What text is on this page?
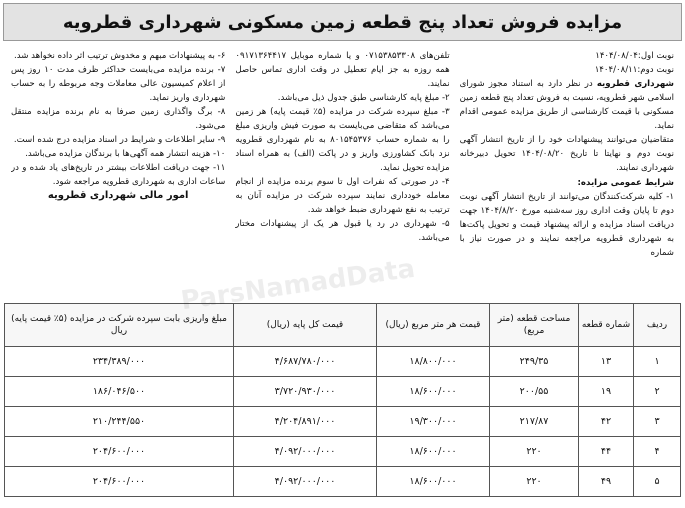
مزایده فروش تعداد پنج قطعه زمین مسکونی شهرداری قطرویه

نوبت اول:۱۴۰۴/۰۸/۰۴

نوبت دوم:۱۴۰۴/۰۸/۱۱

شهرداری قطرویه در نظر دارد به استناد مجوز شورای اسلامی شهر قطرویه، نسبت به فروش تعداد پنج قطعه زمین مسکونی با قیمت کارشناسی از طریق مزایده عمومی اقدام نماید.

متقاضیان می‌توانند پیشنهادات خود را از تاریخ انتشار آگهی نوبت دوم و نهایتا تا تاریخ ۱۴۰۴/۰۸/۲۰ تحویل دبیرخانه شهرداری نمایند.

شرایط عمومی مزایده:

۱- کلیه شرکت‌کنندگان می‌توانند از تاریخ انتشار آگهی نوبت دوم تا پایان وقت اداری روز سه‌شنبه مورخ ۱۴۰۴/۸/۲۰ جهت دریافت اسناد مزایده و ارائه پیشنهاد قیمت و تحویل پاکت‌ها به شهرداری قطرویه مراجعه نمایند و در صورت نیاز با شماره

تلفن‌های ۰۷۱۵۳۸۵۳۳۰۸ و یا شماره موبایل ۰۹۱۷۱۳۶۴۴۱۷ همه روزه به جز ایام تعطیل در وقت اداری تماس حاصل نمایند.

۲- مبلغ پایه کارشناسی طبق جدول ذیل می‌باشد.

۳- مبلغ سپرده شرکت در مزایده (۵٪ قیمت پایه) هر زمین می‌باشد که متقاضی می‌بایست به صورت فیش واریزی مبلغ را به شماره حساب ۸۰۱۵۴۵۳۷۶ به نام شهرداری قطرویه نزد بانک کشاورزی واریز و در پاکت (الف) به همراه اسناد مزایده تحویل نماید.

۴- در صورتی که نفرات اول تا سوم برنده مزایده از انجام معامله خودداری نمایند سپرده شرکت در مزایده آنان به ترتیب به نفع شهرداری ضبط خواهد شد.

۵- شهرداری در رد یا قبول هر یک از پیشنهادات مختار می‌باشد.

۶- به پیشنهادات مبهم و مخدوش ترتیب اثر داده نخواهد شد.

۷- برنده مزایده می‌بایست حداکثر ظرف مدت ۱۰ روز پس از اعلام کمیسیون عالی معاملات وجه مربوطه را به حساب شهرداری واریز نماید.

۸- برگ واگذاری زمین صرفا به نام برنده مزایده منتقل می‌شود.

۹- سایر اطلاعات و شرایط در اسناد مزایده درج شده است.

۱۰- هزینه انتشار همه آگهی‌ها با برندگان مزایده می‌باشد.

۱۱- جهت دریافت اطلاعات بیشتر در تاریخ‌های یاد شده و در ساعات اداری به شهرداری قطرویه مراجعه شود.

امور مالی شهرداری قطرویه

ParsNamadData
ردیف	شماره قطعه	مساحت قطعه (متر مربع)	قیمت هر متر مربع (ریال)	قیمت کل پایه (ریال)	مبلغ واریزی بابت سپرده شرکت در مزایده (۵٪ قیمت پایه) ریال
۱	۱۳	۲۴۹/۳۵	۱۸/۸۰۰/۰۰۰	۴/۶۸۷/۷۸۰/۰۰۰	۲۳۴/۳۸۹/۰۰۰
۲	۱۹	۲۰۰/۵۵	۱۸/۶۰۰/۰۰۰	۳/۷۲۰/۹۳۰/۰۰۰	۱۸۶/۰۴۶/۵۰۰
۳	۴۲	۲۱۷/۸۷	۱۹/۳۰۰/۰۰۰	۴/۲۰۴/۸۹۱/۰۰۰	۲۱۰/۲۴۴/۵۵۰
۴	۴۴	۲۲۰	۱۸/۶۰۰/۰۰۰	۴/۰۹۲/۰۰۰/۰۰۰	۲۰۴/۶۰۰/۰۰۰
۵	۴۹	۲۲۰	۱۸/۶۰۰/۰۰۰	۴/۰۹۲/۰۰۰/۰۰۰	۲۰۴/۶۰۰/۰۰۰
